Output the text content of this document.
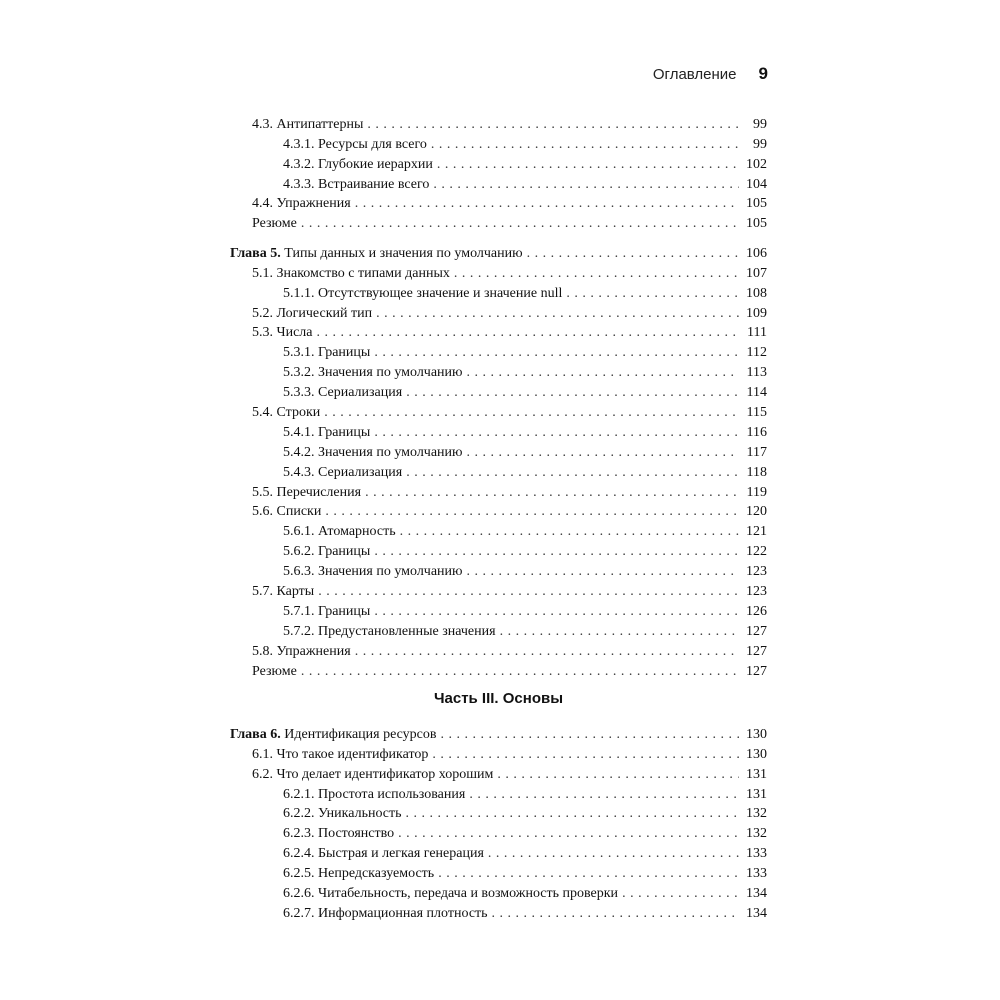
Оглавление 9
4.3. Антипаттерны . . .	99
4.3.1. Ресурсы для всего . . .	99
4.3.2. Глубокие иерархии . . .	102
4.3.3. Встраивание всего . . .	104
4.4. Упражнения . . .	105
Резюме . . .	105
Глава 5. Типы данных и значения по умолчанию . . .	106
5.1. Знакомство с типами данных . . .	107
5.1.1. Отсутствующее значение и значение null . . .	108
5.2. Логический тип . . .	109
5.3. Числа . . .	111
5.3.1. Границы . . .	112
5.3.2. Значения по умолчанию . . .	113
5.3.3. Сериализация . . .	114
5.4. Строки . . .	115
5.4.1. Границы . . .	116
5.4.2. Значения по умолчанию . . .	117
5.4.3. Сериализация . . .	118
5.5. Перечисления . . .	119
5.6. Списки . . .	120
5.6.1. Атомарность . . .	121
5.6.2. Границы . . .	122
5.6.3. Значения по умолчанию . . .	123
5.7. Карты . . .	123
5.7.1. Границы . . .	126
5.7.2. Предустановленные значения . . .	127
5.8. Упражнения . . .	127
Резюме . . .	127
Часть III. Основы
Глава 6. Идентификация ресурсов . . .	130
6.1. Что такое идентификатор . . .	130
6.2. Что делает идентификатор хорошим . . .	131
6.2.1. Простота использования . . .	131
6.2.2. Уникальность . . .	132
6.2.3. Постоянство . . .	132
6.2.4. Быстрая и легкая генерация . . .	133
6.2.5. Непредсказуемость . . .	133
6.2.6. Читабельность, передача и возможность проверки . . .	134
6.2.7. Информационная плотность . . .	134
